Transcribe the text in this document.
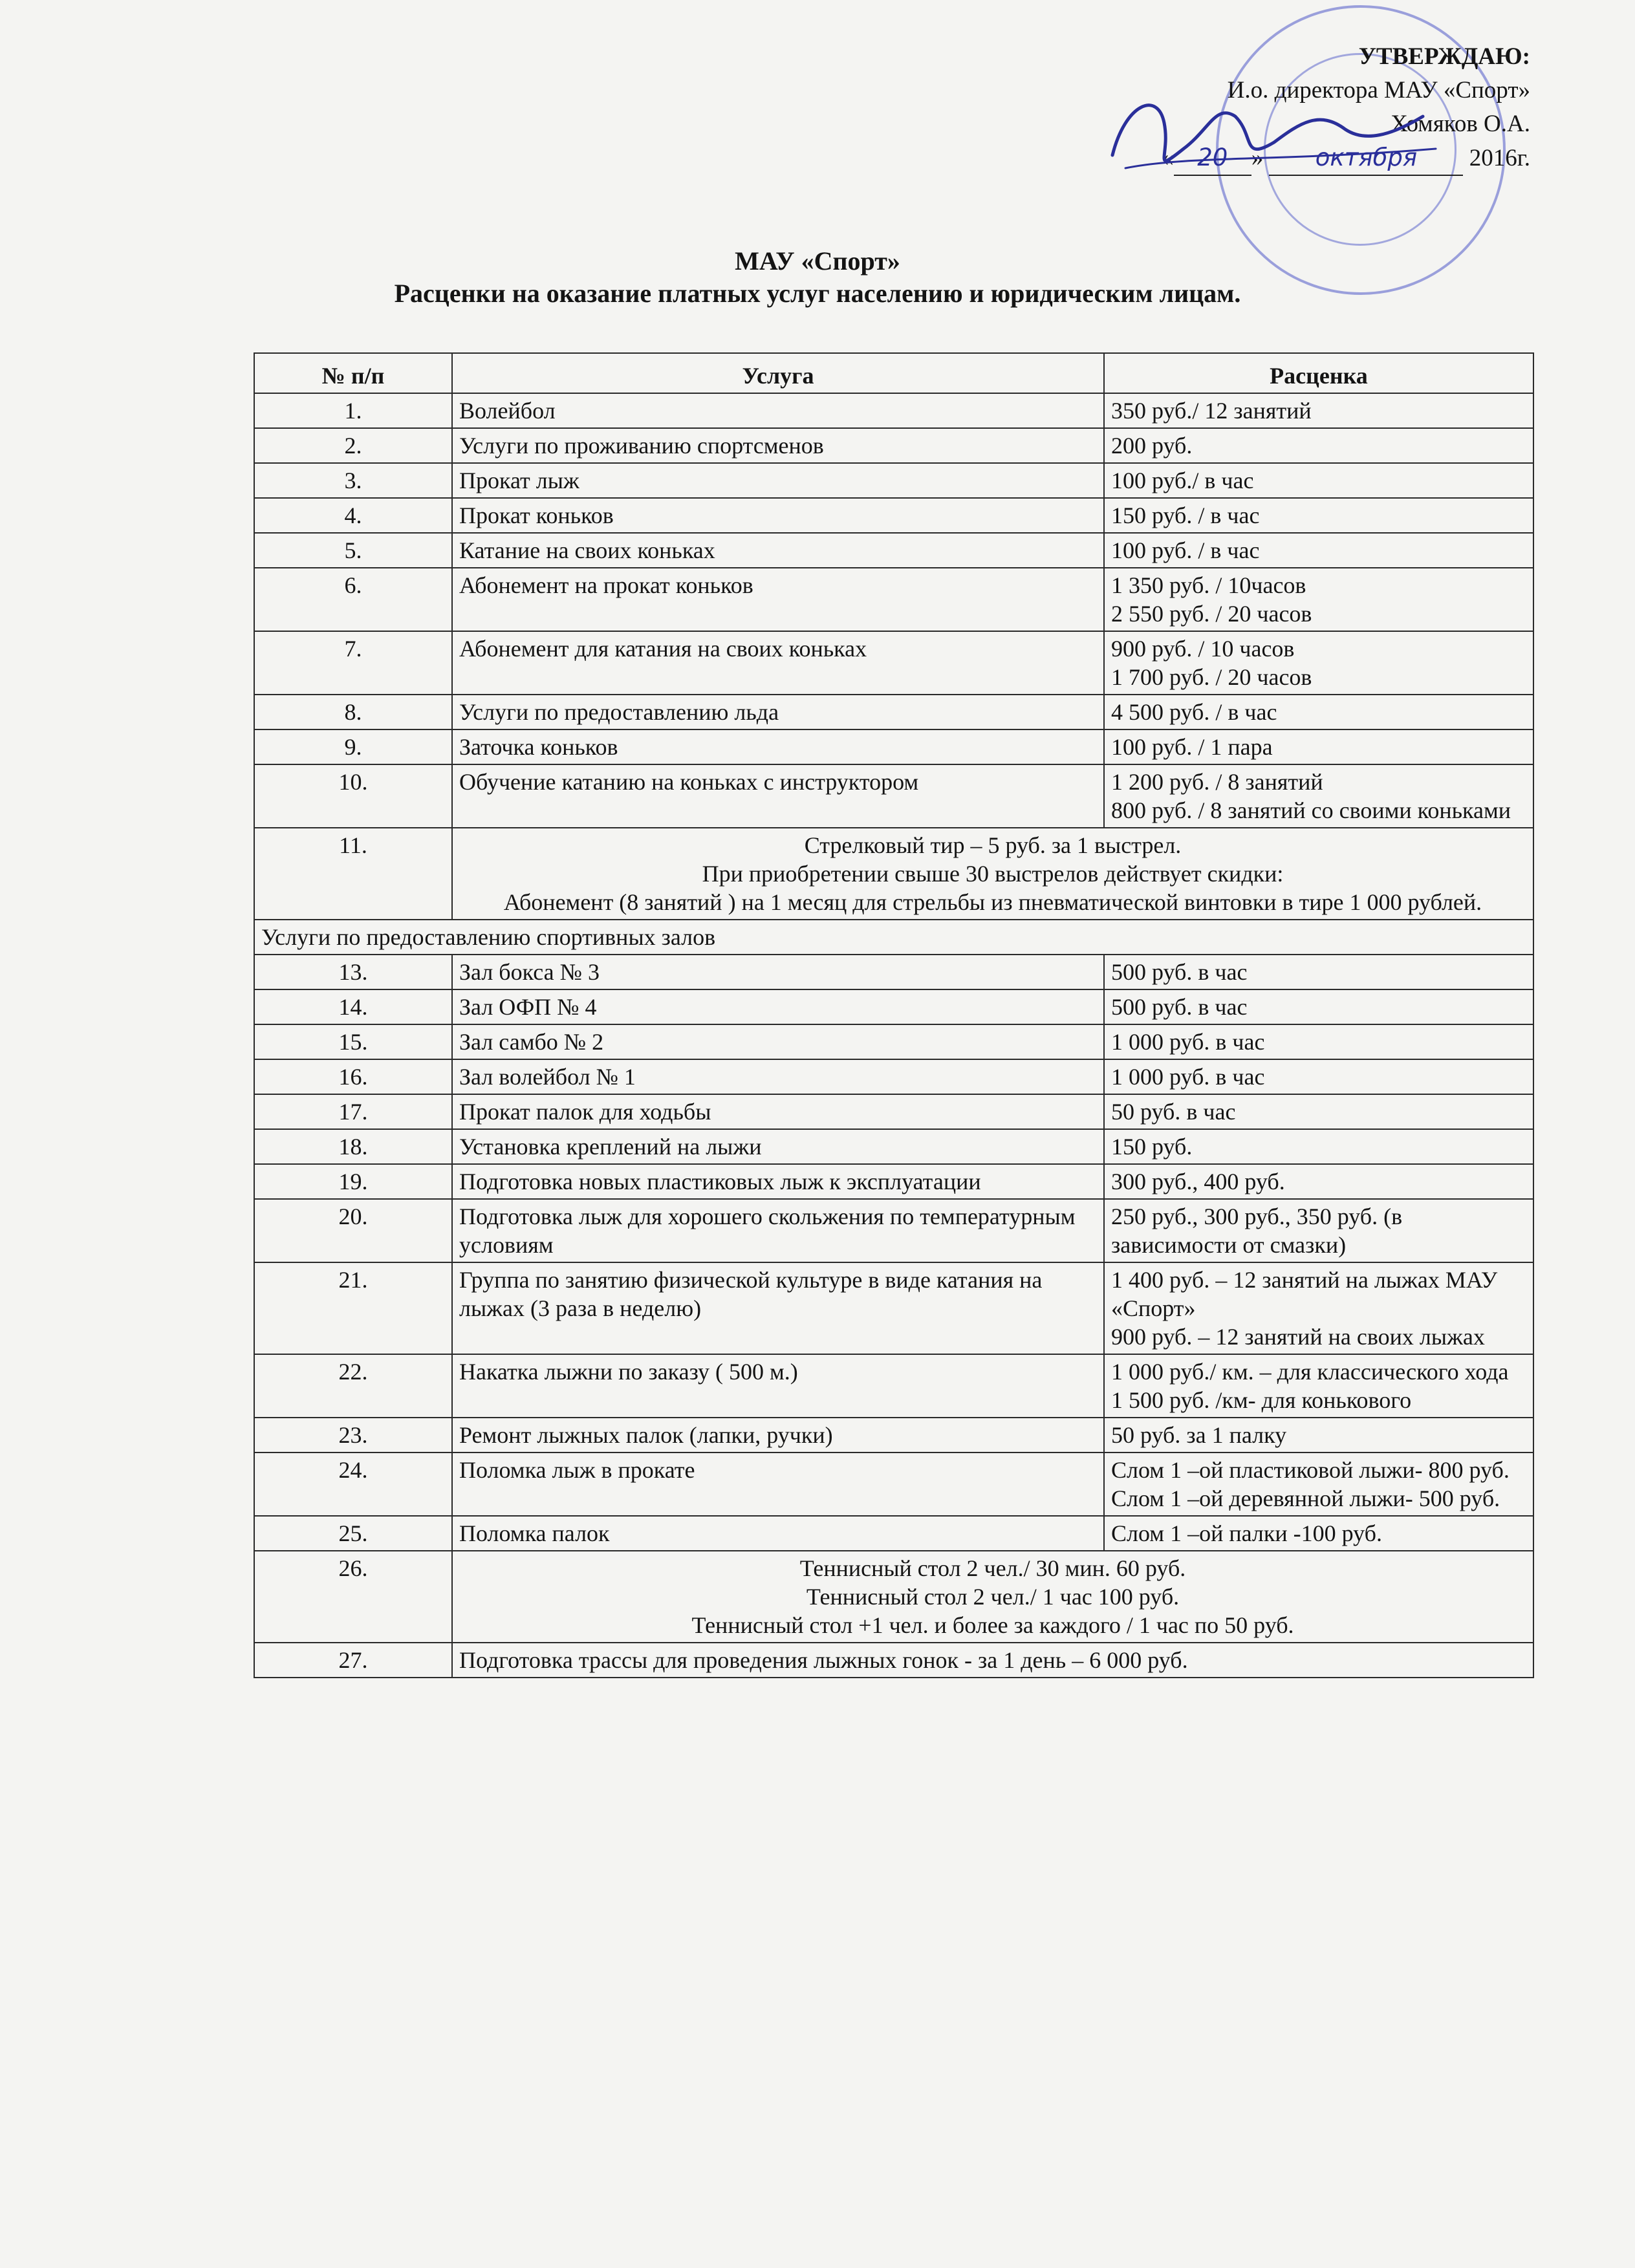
УТВЕРЖДАЮ:
И.о. директора МАУ «Спорт»
Хомяков О.А.
« 20 » октября 2016г.
МАУ «Спорт»
Расценки на оказание платных услуг населению и юридическим лицам.
№ п/п	Услуга	Расценка
1.	Волейбол	350 руб./ 12 занятий
2.	Услуги по проживанию спортсменов	200 руб.
3.	Прокат лыж	100 руб./ в час
4.	Прокат коньков	150 руб. / в час
5.	Катание на своих коньках	100 руб. / в час
6.	Абонемент на прокат коньков	1 350 руб. / 10часов
2 550 руб. / 20 часов
7.	Абонемент для катания на своих коньках	900 руб. / 10 часов
1 700 руб. / 20 часов
8.	Услуги по предоставлению льда	4 500 руб. / в час
9.	Заточка коньков	100 руб. / 1 пара
10.	Обучение катанию на коньках с инструктором	1 200 руб. / 8 занятий
800 руб. / 8 занятий со своими коньками
11.	Стрелковый тир – 5 руб. за 1 выстрел.
При приобретении свыше 30 выстрелов действует скидки:
Абонемент (8 занятий ) на 1 месяц для стрельбы из пневматической винтовки в тире 1 000 рублей.	
Услуги по предоставлению спортивных залов		
13.	Зал бокса № 3	500 руб. в час
14.	Зал ОФП № 4	500 руб. в час
15.	Зал самбо № 2	1 000 руб. в час
16.	Зал волейбол № 1	1 000 руб. в час
17.	Прокат палок для ходьбы	50 руб. в час
18.	Установка креплений на лыжи	150 руб.
19.	Подготовка новых пластиковых лыж к эксплуатации	300 руб., 400 руб.
20.	Подготовка лыж для хорошего скольжения по температурным условиям	250 руб., 300 руб., 350 руб. (в зависимости от смазки)
21.	Группа по занятию физической культуре в виде катания на лыжах (3 раза в неделю)	1 400 руб. – 12 занятий на лыжах МАУ «Спорт»
900 руб. – 12 занятий на своих лыжах
22.	Накатка лыжни по заказу ( 500 м.)	1 000 руб./ км. – для классического хода
1 500 руб. /км- для конькового
23.	Ремонт лыжных палок (лапки, ручки)	50 руб. за 1 палку
24.	Поломка лыж в прокате	Слом 1 –ой пластиковой лыжи- 800 руб.
Слом 1 –ой деревянной лыжи- 500 руб.
25.	Поломка палок	Слом 1 –ой палки -100 руб.
26.	Теннисный стол 2 чел./ 30 мин. 60 руб.
Теннисный стол 2 чел./ 1 час 100 руб.
Теннисный стол +1 чел. и более за каждого / 1 час по 50 руб.	
27.	Подготовка трассы для проведения лыжных гонок - за 1 день – 6 000 руб.	
